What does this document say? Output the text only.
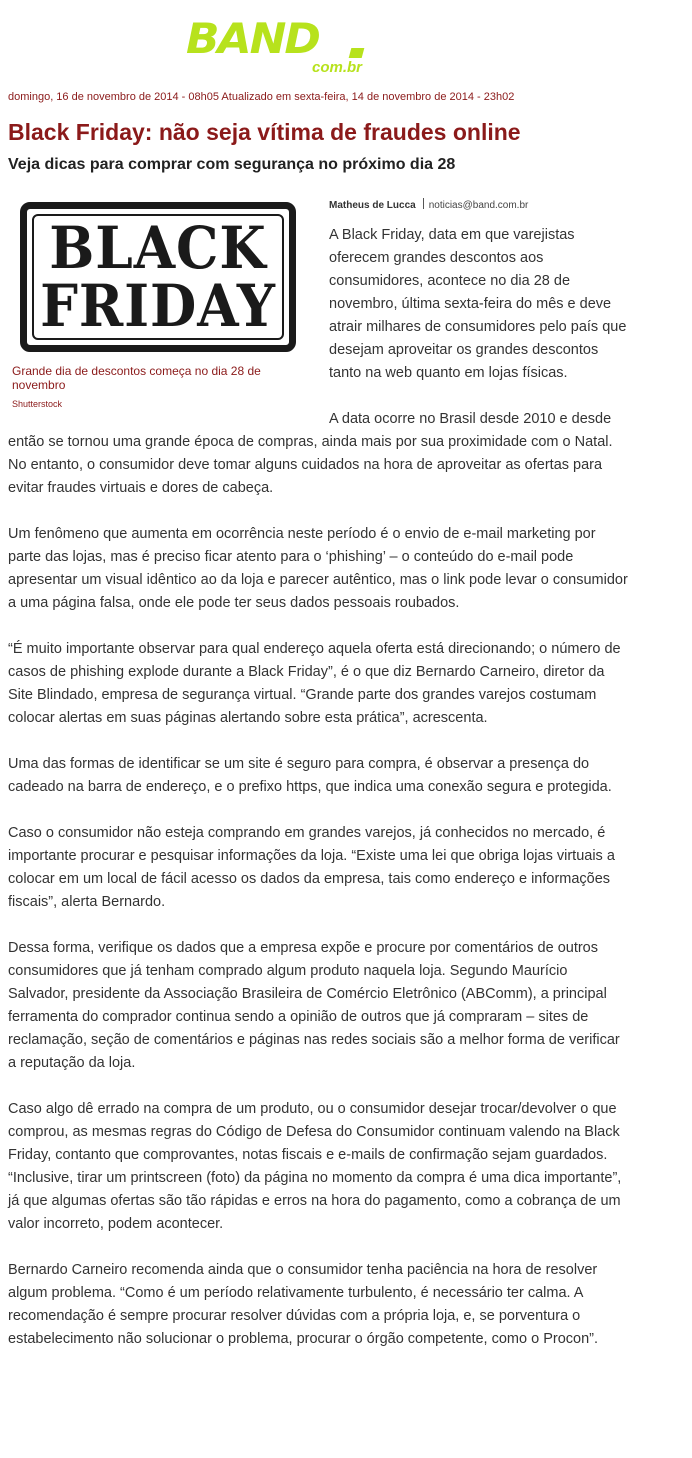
BAND
com.br
domingo, 16 de novembro de 2014 - 08h05 Atualizado em sexta-feira, 14 de novembro de 2014 - 23h02
Black Friday: não seja vítima de fraudes online
Veja dicas para comprar com segurança no próximo dia 28
BLACK
FRIDAY
Grande dia de descontos começa no dia 28 de novembro
Shutterstock
Matheus de Lucca noticias@band.com.br

A Black Friday, data em que varejistas oferecem grandes descontos aos consumidores, acontece no dia 28 de novembro, última sexta-feira do mês e deve atrair milhares de consumidores pelo país que desejam aproveitar os grandes descontos tanto na web quanto em lojas físicas.

A data ocorre no Brasil desde 2010 e desde então se tornou uma grande época de compras, ainda mais por sua proximidade com o Natal. No entanto, o consumidor deve tomar alguns cuidados na hora de aproveitar as ofertas para evitar fraudes virtuais e dores de cabeça.

Um fenômeno que aumenta em ocorrência neste período é o envio de e-mail marketing por parte das lojas, mas é preciso ficar atento para o ‘phishing’ – o conteúdo do e-mail pode apresentar um visual idêntico ao da loja e parecer autêntico, mas o link pode levar o consumidor a uma página falsa, onde ele pode ter seus dados pessoais roubados.

“É muito importante observar para qual endereço aquela oferta está direcionando; o número de casos de phishing explode durante a Black Friday”, é o que diz Bernardo Carneiro, diretor da Site Blindado, empresa de segurança virtual. “Grande parte dos grandes varejos costumam colocar alertas em suas páginas alertando sobre esta prática”, acrescenta.

Uma das formas de identificar se um site é seguro para compra, é observar a presença do cadeado na barra de endereço, e o prefixo https, que indica uma conexão segura e protegida.

Caso o consumidor não esteja comprando em grandes varejos, já conhecidos no mercado, é importante procurar e pesquisar informações da loja. “Existe uma lei que obriga lojas virtuais a colocar em um local de fácil acesso os dados da empresa, tais como endereço e informações fiscais”, alerta Bernardo.

Dessa forma, verifique os dados que a empresa expõe e procure por comentários de outros consumidores que já tenham comprado algum produto naquela loja. Segundo Maurício Salvador, presidente da Associação Brasileira de Comércio Eletrônico (ABComm), a principal ferramenta do comprador continua sendo a opinião de outros que já compraram – sites de reclamação, seção de comentários e páginas nas redes sociais são a melhor forma de verificar a reputação da loja.

Caso algo dê errado na compra de um produto, ou o consumidor desejar trocar/devolver o que comprou, as mesmas regras do Código de Defesa do Consumidor continuam valendo na Black Friday, contanto que comprovantes, notas fiscais e e-mails de confirmação sejam guardados. “Inclusive, tirar um printscreen (foto) da página no momento da compra é uma dica importante”, já que algumas ofertas são tão rápidas e erros na hora do pagamento, como a cobrança de um valor incorreto, podem acontecer.

Bernardo Carneiro recomenda ainda que o consumidor tenha paciência na hora de resolver algum problema. “Como é um período relativamente turbulento, é necessário ter calma. A recomendação é sempre procurar resolver dúvidas com a própria loja, e, se porventura o estabelecimento não solucionar o problema, procurar o órgão competente, como o Procon”.
